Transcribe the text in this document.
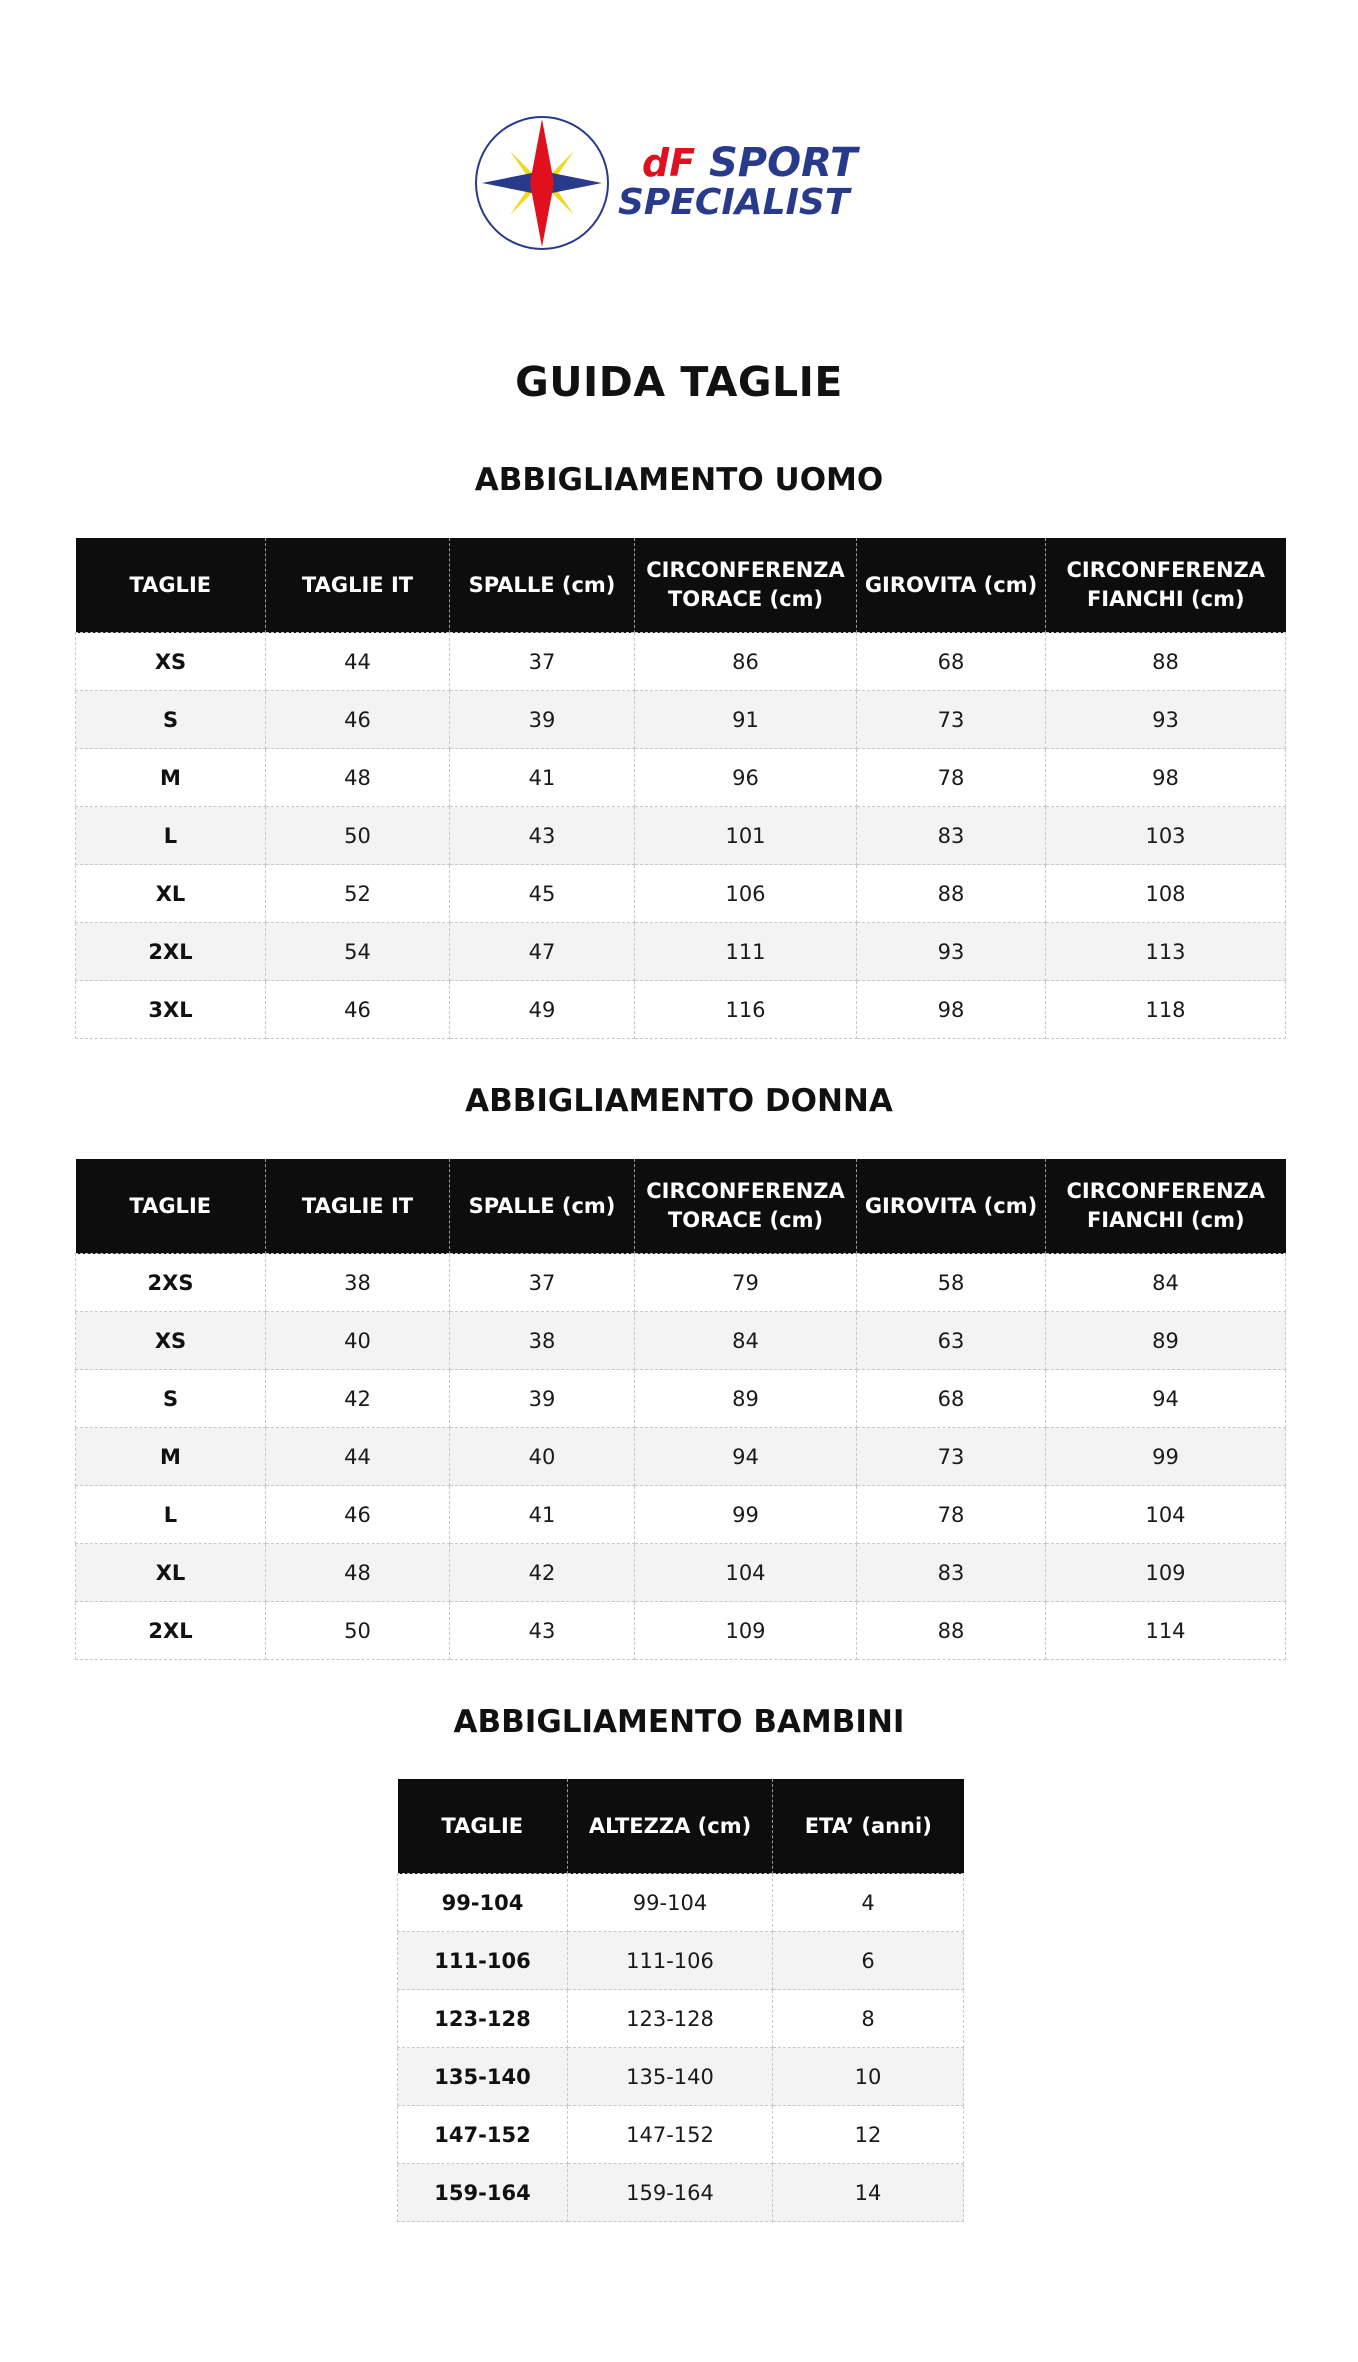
dF SPORT
SPECIALIST
GUIDA TAGLIE
ABBIGLIAMENTO UOMO
TAGLIE	TAGLIE IT	SPALLE (cm)	CIRCONFERENZA TORACE (cm)	GIROVITA (cm)	CIRCONFERENZA FIANCHI (cm)
XS	44	37	86	68	88
S	46	39	91	73	93
M	48	41	96	78	98
L	50	43	101	83	103
XL	52	45	106	88	108
2XL	54	47	111	93	113
3XL	46	49	116	98	118
ABBIGLIAMENTO DONNA
TAGLIE	TAGLIE IT	SPALLE (cm)	CIRCONFERENZA TORACE (cm)	GIROVITA (cm)	CIRCONFERENZA FIANCHI (cm)
2XS	38	37	79	58	84
XS	40	38	84	63	89
S	42	39	89	68	94
M	44	40	94	73	99
L	46	41	99	78	104
XL	48	42	104	83	109
2XL	50	43	109	88	114
ABBIGLIAMENTO BAMBINI
TAGLIE	ALTEZZA (cm)	ETA’ (anni)
99-104	99-104	4
111-106	111-106	6
123-128	123-128	8
135-140	135-140	10
147-152	147-152	12
159-164	159-164	14
